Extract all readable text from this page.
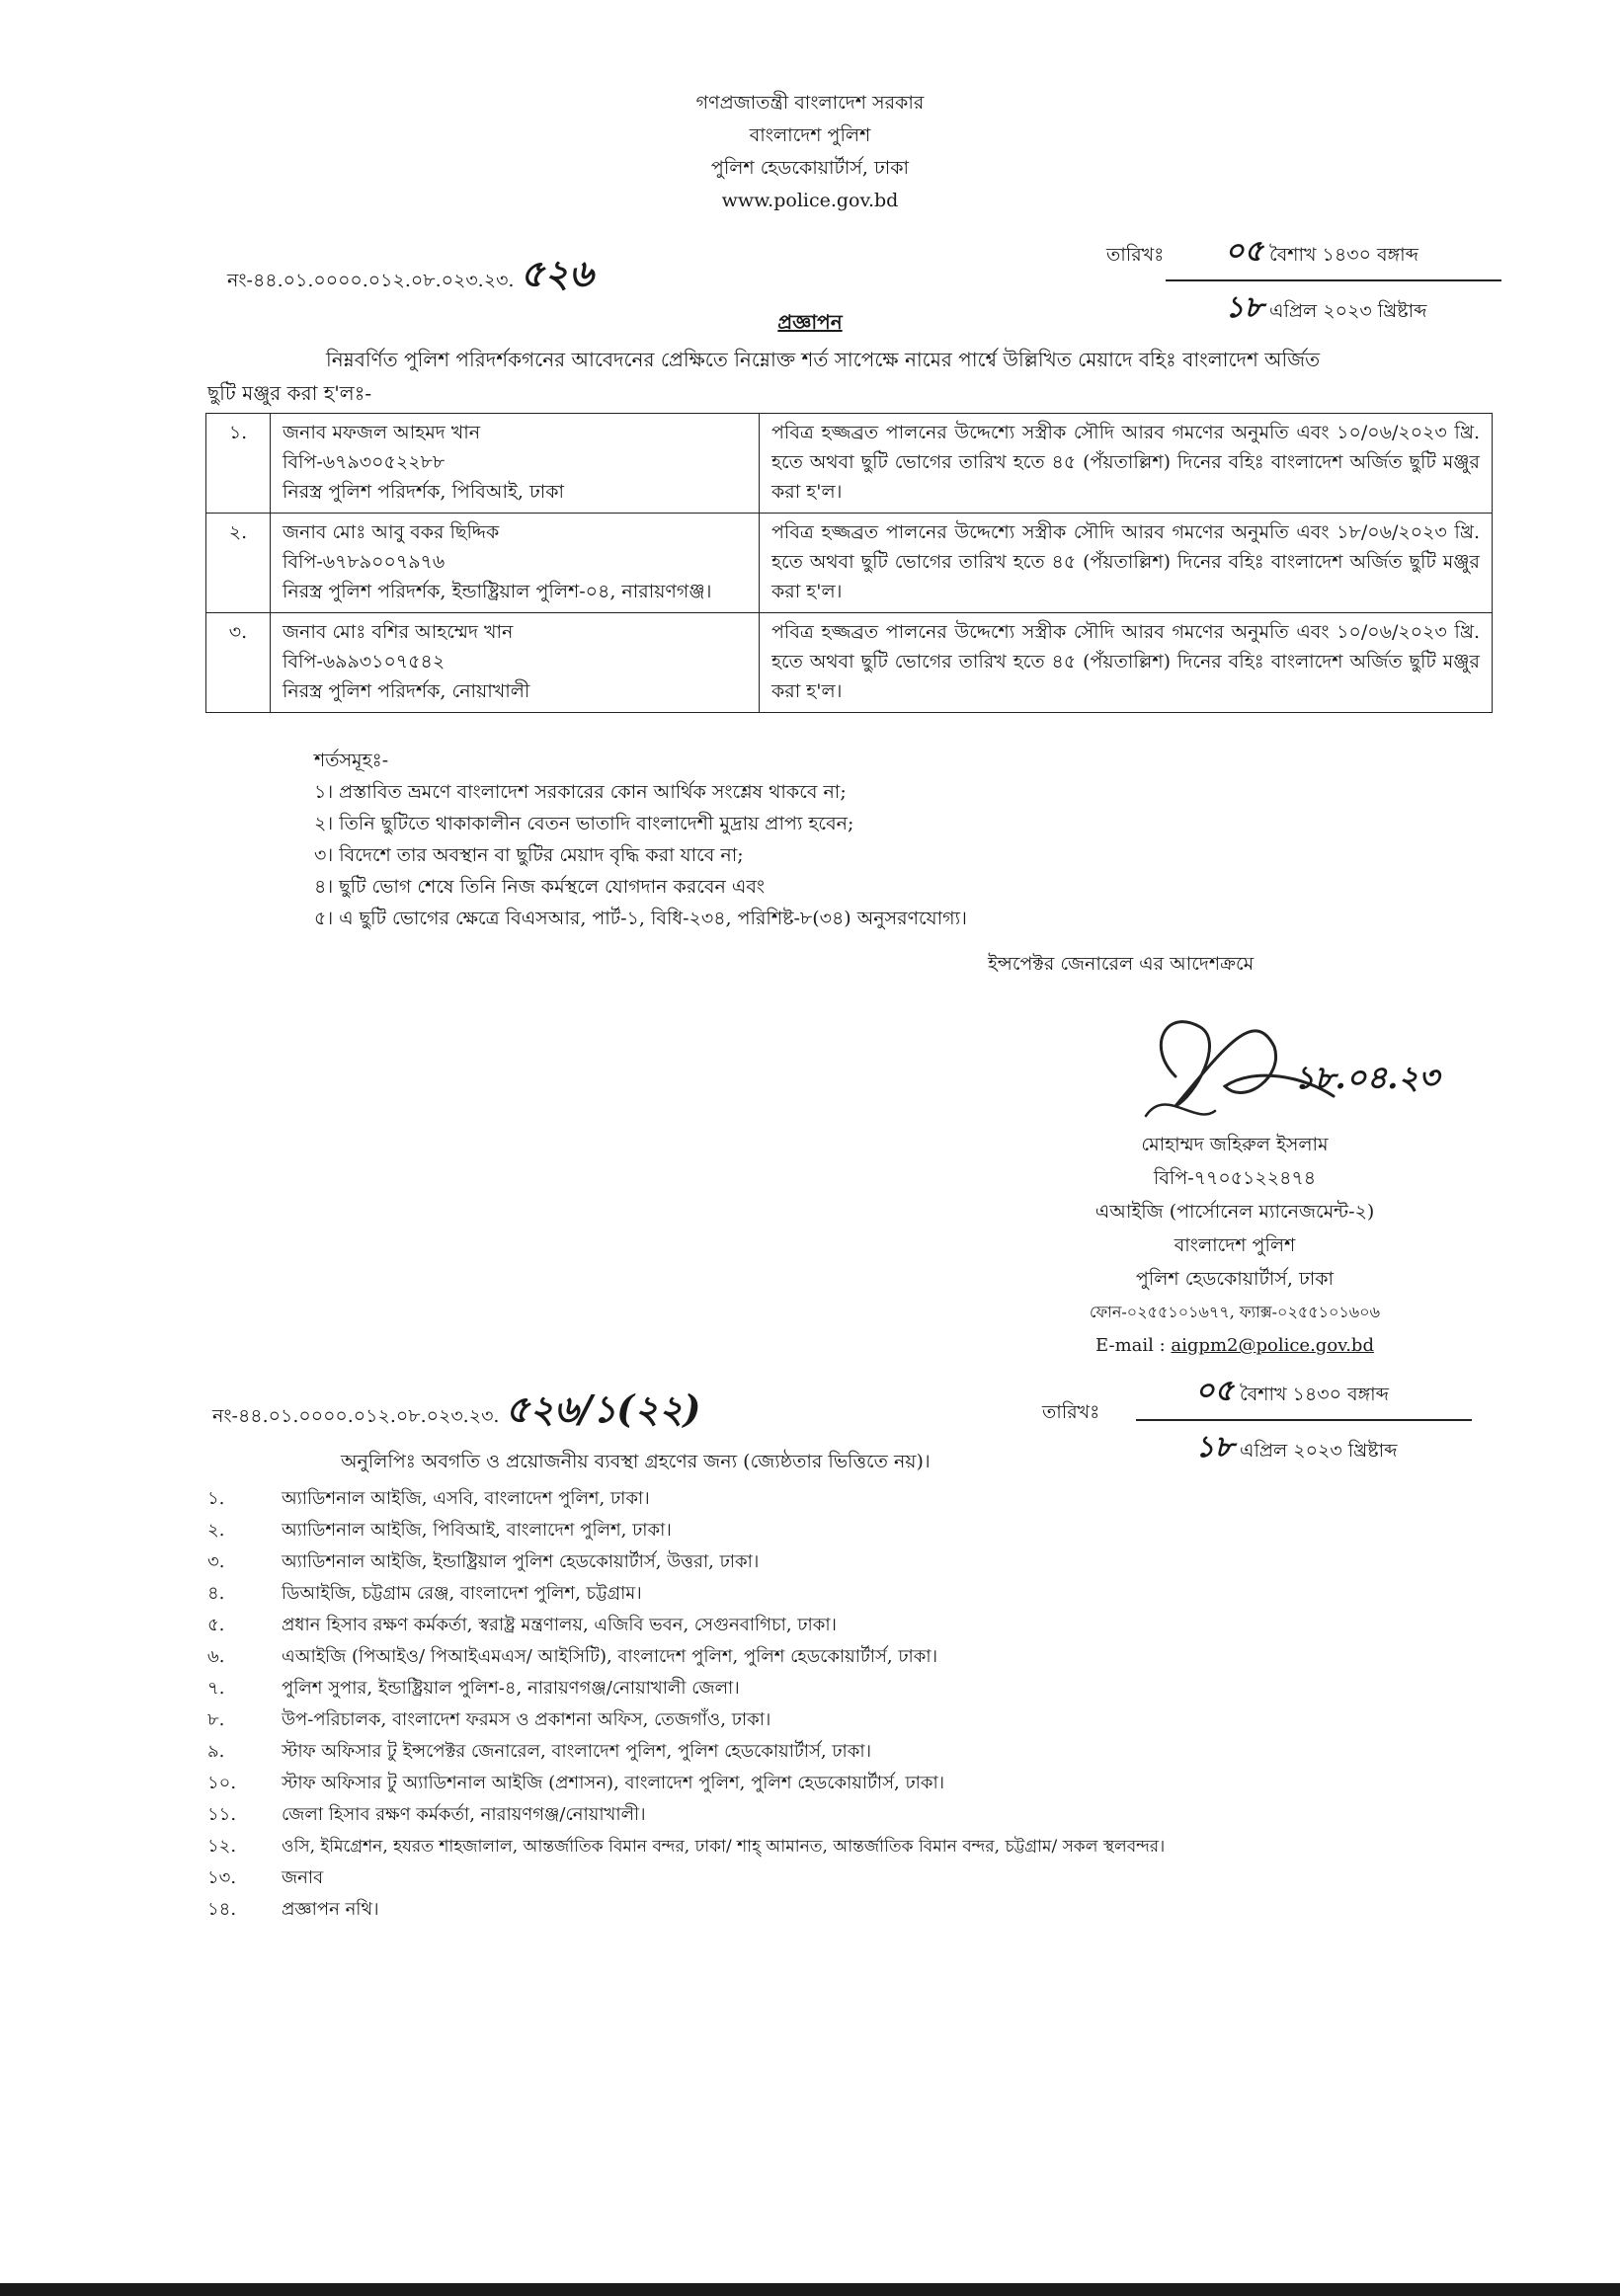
গণপ্রজাতন্ত্রী বাংলাদেশ সরকার
বাংলাদেশ পুলিশ
পুলিশ হেডকোয়ার্টার্স, ঢাকা
www.police.gov.bd
নং-৪৪.০১.০০০০.০১২.০৮.০২৩.২৩. ৫২৬	তারিখঃ	০৫ বৈশাখ ১৪৩০ বঙ্গাব্দ
১৮ এপ্রিল ২০২৩ খ্রিষ্টাব্দ
প্রজ্ঞাপন
নিম্নবর্ণিত পুলিশ পরিদর্শকগনের আবেদনের প্রেক্ষিতে নিম্নোক্ত শর্ত সাপেক্ষে নামের পার্শ্বে উল্লিখিত মেয়াদে বহিঃ বাংলাদেশ অর্জিত
ছুটি মঞ্জুর করা হ'লঃ-
১.	জনাব মফজল আহমদ খান
বিপি-৬৭৯৩০৫২২৮৮
নিরস্ত্র পুলিশ পরিদর্শক, পিবিআই, ঢাকা	পবিত্র হজ্জব্রত পালনের উদ্দেশ্যে সস্ত্রীক সৌদি আরব গমণের অনুমতি এবং ১০/০৬/২০২৩ খ্রি. হতে অথবা ছুটি ভোগের তারিখ হতে ৪৫ (পঁয়তাল্লিশ) দিনের বহিঃ বাংলাদেশ অর্জিত ছুটি মঞ্জুর করা হ'ল।
২.	জনাব মোঃ আবু বকর ছিদ্দিক
বিপি-৬৭৮৯০০৭৯৭৬
নিরস্ত্র পুলিশ পরিদর্শক, ইন্ডাষ্ট্রিয়াল পুলিশ-০৪, নারায়ণগঞ্জ।	পবিত্র হজ্জব্রত পালনের উদ্দেশ্যে সস্ত্রীক সৌদি আরব গমণের অনুমতি এবং ১৮/০৬/২০২৩ খ্রি. হতে অথবা ছুটি ভোগের তারিখ হতে ৪৫ (পঁয়তাল্লিশ) দিনের বহিঃ বাংলাদেশ অর্জিত ছুটি মঞ্জুর করা হ'ল।
৩.	জনাব মোঃ বশির আহম্মেদ খান
বিপি-৬৯৯৩১০৭৫৪২
নিরস্ত্র পুলিশ পরিদর্শক, নোয়াখালী	পবিত্র হজ্জব্রত পালনের উদ্দেশ্যে সস্ত্রীক সৌদি আরব গমণের অনুমতি এবং ১০/০৬/২০২৩ খ্রি. হতে অথবা ছুটি ভোগের তারিখ হতে ৪৫ (পঁয়তাল্লিশ) দিনের বহিঃ বাংলাদেশ অর্জিত ছুটি মঞ্জুর করা হ'ল।
শর্তসমূহঃ-
১। প্রস্তাবিত ভ্রমণে বাংলাদেশ সরকারের কোন আর্থিক সংশ্লেষ থাকবে না;
২। তিনি ছুটিতে থাকাকালীন বেতন ভাতাদি বাংলাদেশী মুদ্রায় প্রাপ্য হবেন;
৩। বিদেশে তার অবস্থান বা ছুটির মেয়াদ বৃদ্ধি করা যাবে না;
৪। ছুটি ভোগ শেষে তিনি নিজ কর্মস্থলে যোগদান করবেন এবং
৫। এ ছুটি ভোগের ক্ষেত্রে বিএসআর, পার্ট-১, বিধি-২৩৪, পরিশিষ্ট-৮(৩৪) অনুসরণযোগ্য।
ইন্সপেক্টর জেনারেল এর আদেশক্রমে
১৮.০৪.২৩
মোহাম্মদ জহিরুল ইসলাম
বিপি-৭৭০৫১২২৪৭৪
এআইজি (পার্সোনেল ম্যানেজমেন্ট-২)
বাংলাদেশ পুলিশ
পুলিশ হেডকোয়ার্টার্স, ঢাকা
ফোন-০২৫৫১০১৬৭৭, ফ্যাক্স-০২৫৫১০১৬০৬
E-mail : aigpm2@police.gov.bd
নং-৪৪.০১.০০০০.০১২.০৮.০২৩.২৩. ৫২৬/১(২২)	তারিখঃ
০৫ বৈশাখ ১৪৩০ বঙ্গাব্দ
১৮ এপ্রিল ২০২৩ খ্রিষ্টাব্দ
অনুলিপিঃ অবগতি ও প্রয়োজনীয় ব্যবস্থা গ্রহণের জন্য (জ্যেষ্ঠতার ভিত্তিতে নয়)।
১.	অ্যাডিশনাল আইজি, এসবি, বাংলাদেশ পুলিশ, ঢাকা।
২.	অ্যাডিশনাল আইজি, পিবিআই, বাংলাদেশ পুলিশ, ঢাকা।
৩.	অ্যাডিশনাল আইজি, ইন্ডাষ্ট্রিয়াল পুলিশ হেডকোয়ার্টার্স, উত্তরা, ঢাকা।
৪.	ডিআইজি, চট্টগ্রাম রেঞ্জ, বাংলাদেশ পুলিশ, চট্টগ্রাম।
৫.	প্রধান হিসাব রক্ষণ কর্মকর্তা, স্বরাষ্ট্র মন্ত্রণালয়, এজিবি ভবন, সেগুনবাগিচা, ঢাকা।
৬.	এআইজি (পিআইও/ পিআইএমএস/ আইসিটি), বাংলাদেশ পুলিশ, পুলিশ হেডকোয়ার্টার্স, ঢাকা।
৭.	পুলিশ সুপার, ইন্ডাষ্ট্রিয়াল পুলিশ-৪, নারায়ণগঞ্জ/নোয়াখালী জেলা।
৮.	উপ-পরিচালক, বাংলাদেশ ফরমস ও প্রকাশনা অফিস, তেজগাঁও, ঢাকা।
৯.	স্টাফ অফিসার টু ইন্সপেক্টর জেনারেল, বাংলাদেশ পুলিশ, পুলিশ হেডকোয়ার্টার্স, ঢাকা।
১০.	স্টাফ অফিসার টু অ্যাডিশনাল আইজি (প্রশাসন), বাংলাদেশ পুলিশ, পুলিশ হেডকোয়ার্টার্স, ঢাকা।
১১.	জেলা হিসাব রক্ষণ কর্মকর্তা, নারায়ণগঞ্জ/নোয়াখালী।
১২.	ওসি, ইমিগ্রেশন, হযরত শাহজালাল, আন্তর্জাতিক বিমান বন্দর, ঢাকা/ শাহ্ আমানত, আন্তর্জাতিক বিমান বন্দর, চট্টগ্রাম/ সকল স্থলবন্দর।
১৩.	জনাব
১৪.	প্রজ্ঞাপন নথি।
